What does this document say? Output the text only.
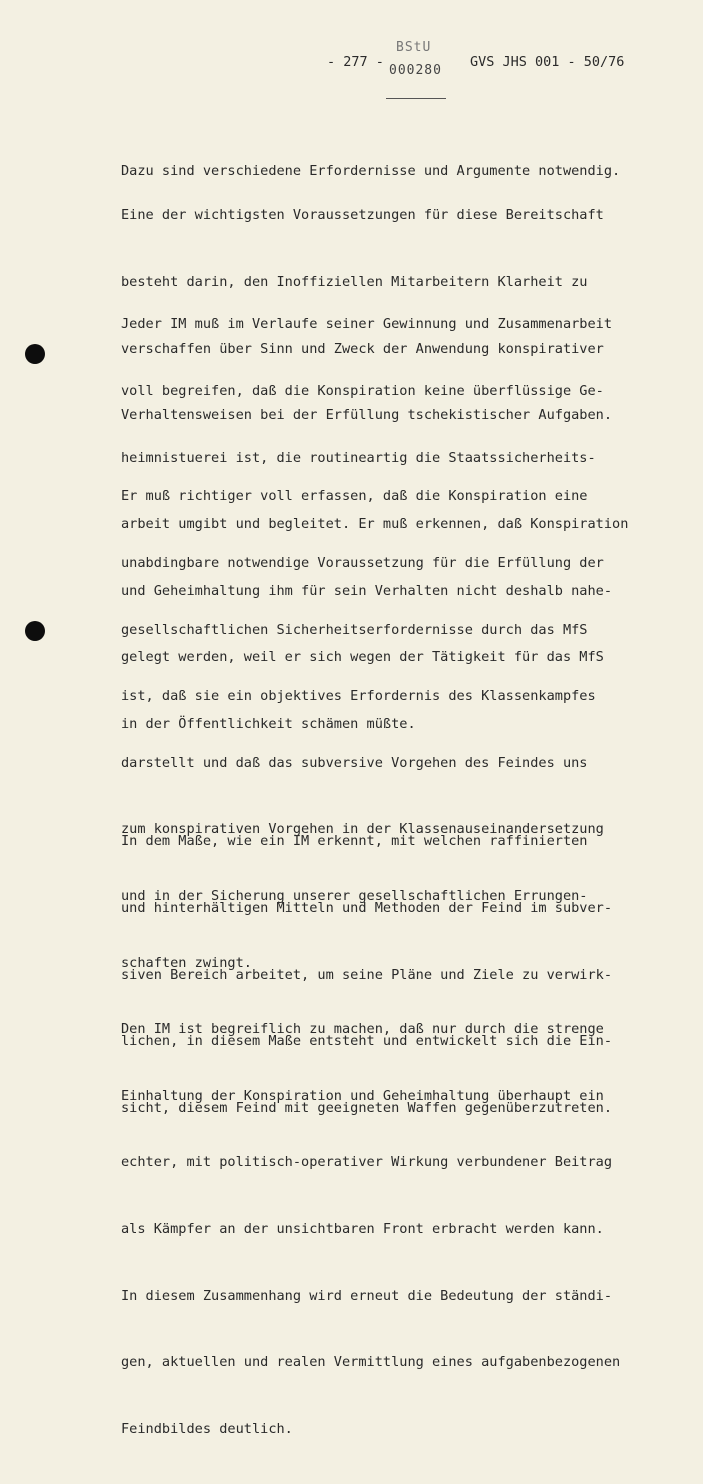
- 277 -
BStU
000280
GVS JHS 001 - 50/76

Dazu sind verschiedene Erfordernisse und Argumente notwendig.

Eine der wichtigsten Voraussetzungen für diese Bereitschaft

besteht darin, den Inoffiziellen Mitarbeitern Klarheit zu

verschaffen über Sinn und Zweck der Anwendung konspirativer

Verhaltensweisen bei der Erfüllung tschekistischer Aufgaben.

Jeder IM muß im Verlaufe seiner Gewinnung und Zusammenarbeit

voll begreifen, daß die Konspiration keine überflüssige Ge-

heimnistuerei ist, die routineartig die Staatssicherheits-

arbeit umgibt und begleitet. Er muß erkennen, daß Konspiration

und Geheimhaltung ihm für sein Verhalten nicht deshalb nahe-

gelegt werden, weil er sich wegen der Tätigkeit für das MfS

in der Öffentlichkeit schämen müßte.

Er muß richtiger voll erfassen, daß die Konspiration eine

unabdingbare notwendige Voraussetzung für die Erfüllung der

gesellschaftlichen Sicherheitserfordernisse durch das MfS

ist, daß sie ein objektives Erfordernis des Klassenkampfes

darstellt und daß das subversive Vorgehen des Feindes uns

zum konspirativen Vorgehen in der Klassenauseinandersetzung

und in der Sicherung unserer gesellschaftlichen Errungen-

schaften zwingt.

Den IM ist begreiflich zu machen, daß nur durch die strenge

Einhaltung der Konspiration und Geheimhaltung überhaupt ein

echter, mit politisch-operativer Wirkung verbundener Beitrag

als Kämpfer an der unsichtbaren Front erbracht werden kann.

In diesem Zusammenhang wird erneut die Bedeutung der ständi-

gen, aktuellen und realen Vermittlung eines aufgabenbezogenen

Feindbildes deutlich.

In dem Maße, wie ein IM erkennt, mit welchen raffinierten

und hinterhältigen Mitteln und Methoden der Feind im subver-

siven Bereich arbeitet, um seine Pläne und Ziele zu verwirk-

lichen, in diesem Maße entsteht und entwickelt sich die Ein-

sicht, diesem Feind mit geeigneten Waffen gegenüberzutreten.
